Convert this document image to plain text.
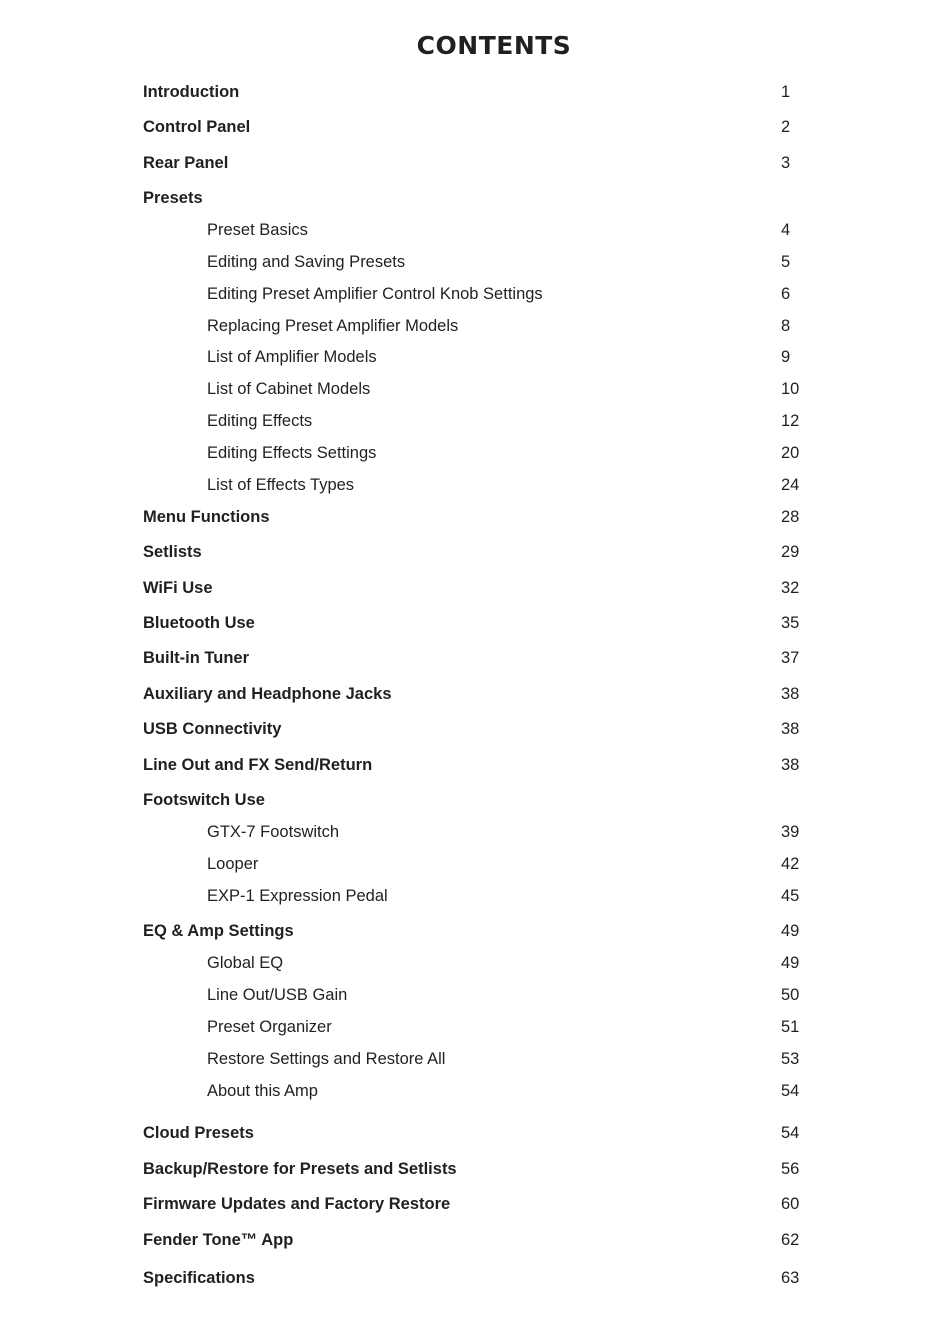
CONTENTS
Introduction	1
Control Panel	2
Rear Panel	3
Presets
Preset Basics	4
Editing and Saving Presets	5
Editing Preset Amplifier Control Knob Settings	6
Replacing Preset Amplifier Models	8
List of Amplifier Models	9
List of Cabinet Models	10
Editing Effects	12
Editing Effects Settings	20
List of Effects Types	24
Menu Functions	28
Setlists	29
WiFi Use	32
Bluetooth Use	35
Built-in Tuner	37
Auxiliary and Headphone Jacks	38
USB Connectivity	38
Line Out and FX Send/Return	38
Footswitch Use
GTX-7 Footswitch	39
Looper	42
EXP-1 Expression Pedal	45
EQ & Amp Settings	49
Global EQ	49
Line Out/USB Gain	50
Preset Organizer	51
Restore Settings and Restore All	53
About this Amp	54
Cloud Presets	54
Backup/Restore for Presets and Setlists	56
Firmware Updates and Factory Restore	60
Fender Tone™ App	62
Specifications	63
